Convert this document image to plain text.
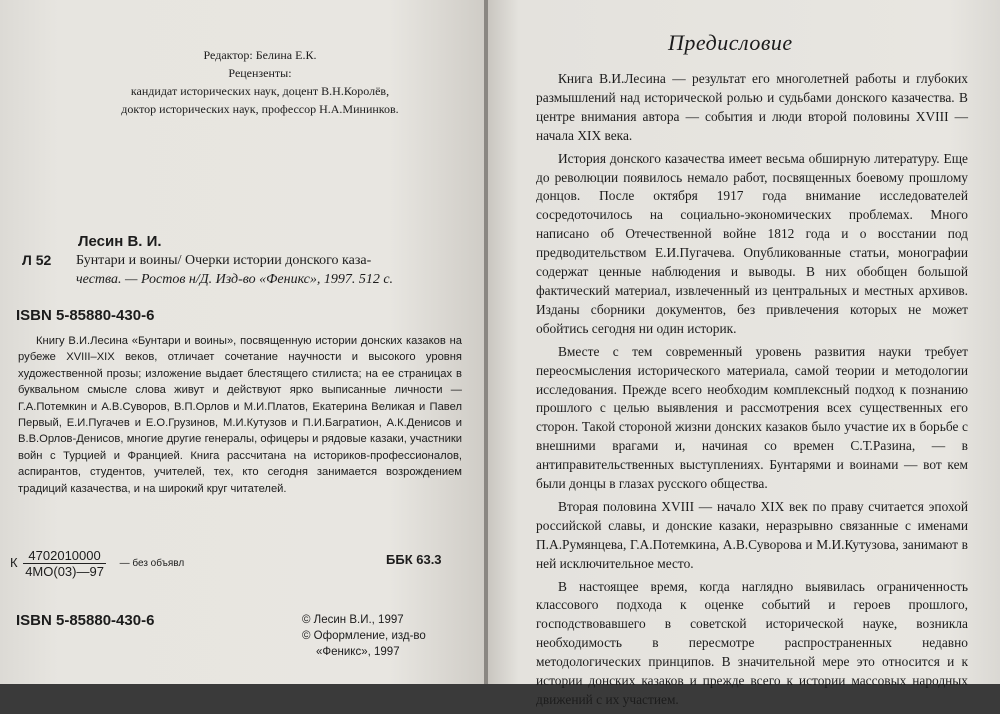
Редактор: Белина Е.К.
Рецензенты:
кандидат исторических наук, доцент В.Н.Королёв,
доктор исторических наук, профессор Н.А.Мининков.
Лесин В. И.
Л 52	Бунтари и воины/ Очерки истории донского каза-
чества. — Ростов н/Д. Изд-во «Феникс», 1997. 512 с.
ISBN 5-85880-430-6
Книгу В.И.Лесина «Бунтари и воины», посвященную истории донских казаков на рубеже XVIII–XIX веков, отличает сочетание научности и высокого уровня художественной прозы; изложение выдает блестящего стилиста; на ее страницах в буквальном смысле слова живут и действуют ярко выписанные личности — Г.А.Потемкин и А.В.Суворов, В.П.Орлов и М.И.Платов, Екатерина Великая и Павел Первый, Е.И.Пугачев и Е.О.Грузинов, М.И.Кутузов и П.И.Багратион, А.К.Денисов и В.В.Орлов-Денисов, многие другие генералы, офицеры и рядовые казаки, участники войн с Турцией и Францией. Книга рассчитана на историков-профессионалов, аспирантов, студентов, учителей, тех, кто сегодня занимается возрождением традиций казачества, и на широкий круг читателей.
К $\frac{4702010000}{4МО(03)—97}$ — без объявл	ББК 63.3
ISBN 5-85880-430-6	© Лесин В.И., 1997
© Оформление, изд-во
«Феникс», 1997
Предисловие

Книга В.И.Лесина — результат его многолетней работы и глубоких размышлений над исторической ролью и судьбами донского казачества. В центре внимания автора — события и люди второй половины XVIII — начала XIX века.

История донского казачества имеет весьма обширную литературу. Еще до революции появилось немало работ, посвященных боевому прошлому донцов. После октября 1917 года внимание исследователей сосредоточилось на социально-экономических проблемах. Много написано об Отечественной войне 1812 года и о восстании под предводительством Е.И.Пугачева. Опубликованные статьи, монографии содержат ценные наблюдения и выводы. В них обобщен большой фактический материал, извлеченный из центральных и местных архивов. Изданы сборники документов, без привлечения которых не может обойтись сегодня ни один историк.

Вместе с тем современный уровень развития науки требует переосмысления исторического материала, самой теории и методологии исследования. Прежде всего необходим комплексный подход к познанию прошлого с целью выявления и рассмотрения всех существенных его сторон. Такой стороной жизни донских казаков было участие их в борьбе с внешними врагами и, начиная со времен С.Т.Разина, — в антиправительственных выступлениях. Бунтарями и воинами — вот кем были донцы в глазах русского общества.

Вторая половина XVIII — начало XIX век по праву считается эпохой российской славы, и донские казаки, неразрывно связанные с именами П.А.Румянцева, Г.А.Потемкина, А.В.Суворова и М.И.Кутузова, занимают в ней исключительное место.

В настоящее время, когда наглядно выявилась ограниченность классового подхода к оценке событий и героев прошлого, господствовавшего в советской исторической науке, возникла необходимость в пересмотре распространенных недавно методологических принципов. В значительной мере это относится и к истории донских казаков и прежде всего к истории массовых народных движений с их участием.
